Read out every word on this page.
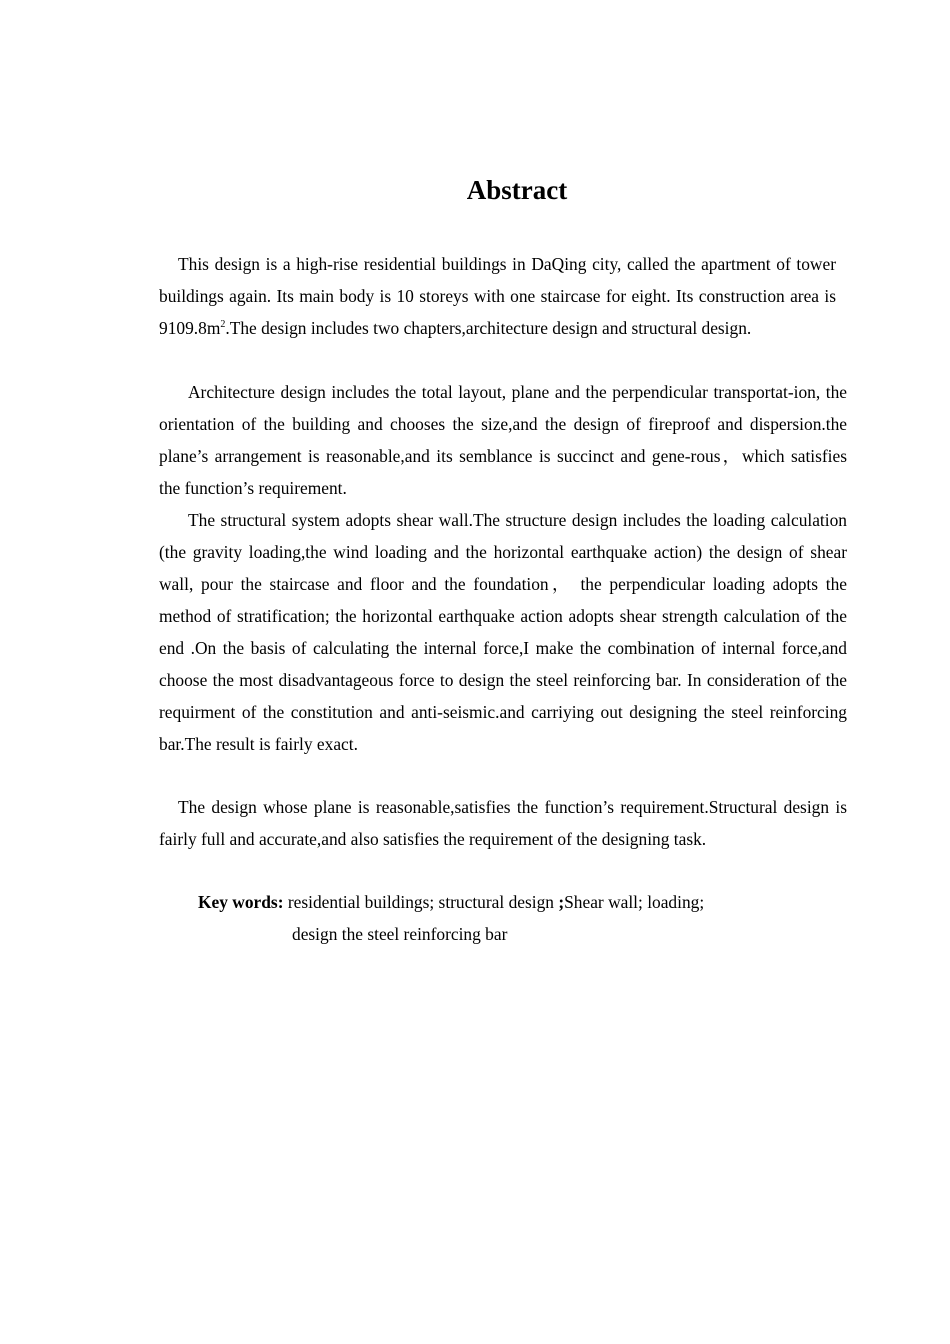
Abstract

This design is a high-rise residential buildings in DaQing city, called the apartment of tower buildings again. Its main body is 10 storeys with one staircase for eight. Its construction area is $9109.8m^2.The$ design includes two chapters,architecture design and structural design.

Architecture design includes the total layout, plane and the perpendicular transportat-ion, the orientation of the building and chooses the size,and the design of fireproof and dispersion.the plane’s arrangement is reasonable,and its semblance is succinct and gene-rous，which satisfies the function’s requirement.

The structural system adopts shear wall.The structure design includes the loading calculation (the gravity loading,the wind loading and the horizontal earthquake action) the design of shear wall, pour the staircase and floor and the foundation， the perpendicular loading adopts the method of stratification; the horizontal earthquake action adopts shear strength calculation of the end .On the basis of calculating the internal force,I make the combination of internal force,and choose the most disadvantageous force to design the steel reinforcing bar. In consideration of the requirment of the constitution and anti-seismic.and carriying out designing the steel reinforcing bar.The result is fairly exact.

The design whose plane is reasonable,satisfies the function’s requirement.Structural design is fairly full and accurate,and also satisfies the requirement of the designing task.

Key words: residential buildings; structural design ;Shear wall; loading;
design the steel reinforcing bar
